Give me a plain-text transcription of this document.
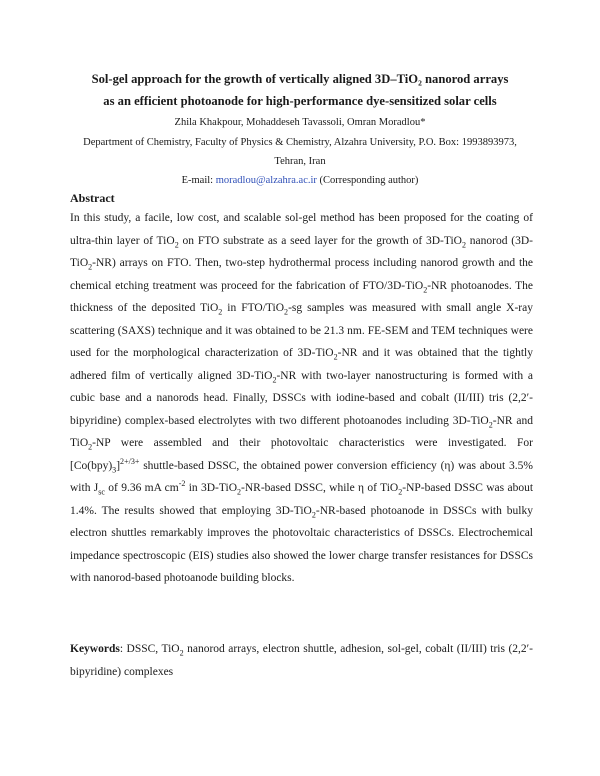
Sol-gel approach for the growth of vertically aligned 3D–TiO₂ nanorod arrays
as an efficient photoanode for high-performance dye-sensitized solar cells
Zhila Khakpour, Mohaddeseh Tavassoli, Omran Moradlou*
Department of Chemistry, Faculty of Physics & Chemistry, Alzahra University, P.O. Box: 1993893973,
Tehran, Iran
E-mail: moradlou@alzahra.ac.ir (Corresponding author)
Abstract

In this study, a facile, low cost, and scalable sol-gel method has been proposed for the coating of ultra-thin layer of TiO$_2$ on FTO substrate as a seed layer for the growth of 3D-TiO$_2$ nanorod (3D-TiO$_2$-NR) arrays on FTO. Then, two-step hydrothermal process including nanorod growth and the chemical etching treatment was proceed for the fabrication of FTO/3D-TiO$_2$-NR photoanodes. The thickness of the deposited TiO$_2$ in FTO/TiO$_2$-sg samples was measured with small angle X-ray scattering (SAXS) technique and it was obtained to be 21.3 nm. FE-SEM and TEM techniques were used for the morphological characterization of 3D-TiO$_2$-NR and it was obtained that the tightly adhered film of vertically aligned 3D-TiO$_2$-NR with two-layer nanostructuring is formed with a cubic base and a nanorods head. Finally, DSSCs with iodine-based and cobalt (II/III) tris (2,2′-bipyridine) complex-based electrolytes with two different photoanodes including 3D-TiO$_2$-NR and TiO$_2$-NP were assembled and their photovoltaic characteristics were investigated. For $[Co(bpy)_3]^{2+/3+}$ shuttle-based DSSC, the obtained power conversion efficiency (η) was about 3.5% with $J_{sc}$ of 9.36 mA $cm^{-2}$ in 3D-TiO$_2$-NR-based DSSC, while η of TiO$_2$-NP-based DSSC was about 1.4%. The results showed that employing 3D-TiO$_2$-NR-based photoanode in DSSCs with bulky electron shuttles remarkably improves the photovoltaic characteristics of DSSCs. Electrochemical impedance spectroscopic (EIS) studies also showed the lower charge transfer resistances for DSSCs with nanorod-based photoanode building blocks.

Keywords: DSSC, TiO$_2$ nanorod arrays, electron shuttle, adhesion, sol-gel, cobalt (II/III) tris (2,2′-bipyridine) complexes
